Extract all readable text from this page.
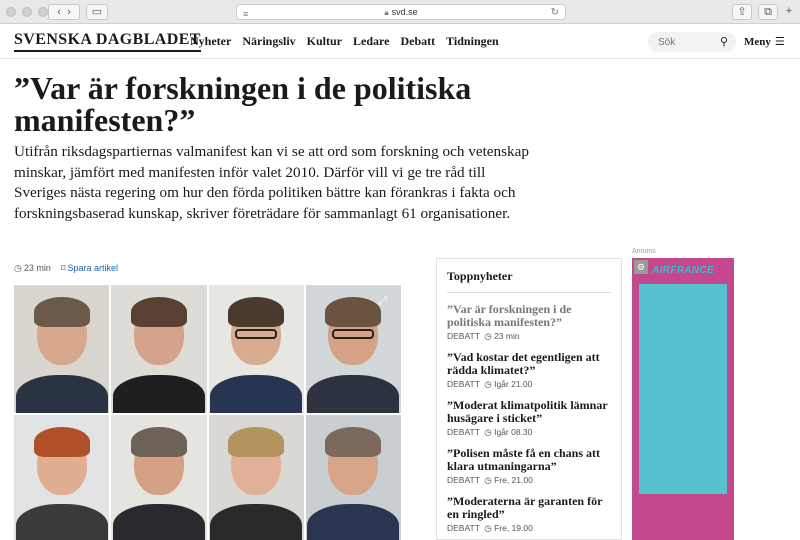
‹ ›	▭	≡	🔒︎ svd.se	↻	⇧	⧉	+
SVENSKA DAGBLADET
Nyheter Näringsliv Kultur Ledare Debatt Tidningen
Sök	⚲ Meny ☰
”Var är forskningen i de politiska manifesten?”

Utifrån riksdagspartiernas valmanifest kan vi se att ord som forskning och vetenskap minskar, jämfört med manifesten inför valet 2010. Därför vill vi ge tre råd till Sveriges nästa regering om hur den förda politiken bättre kan förankras i fakta och forskningsbaserad kunskap, skriver företrädare för sammanlagt 61 organisationer.

◷ 23 min ⌑ Spara artikel
⤢
Toppnyheter
”Var är forskningen i de politiska manifesten?”
DEBATT ◷ 23 min
”Vad kostar det egentligen att rädda klimatet?”
DEBATT ◷ Igår 21.00
”Moderat klimatpolitik lämnar husägare i sticket”
DEBATT ◷ Igår 08.30
”Polisen måste få en chans att klara utmaningarna”
DEBATT ◷ Fre, 21.00
”Moderaterna är garanten för en ringled”
DEBATT ◷ Fre, 19.00
Annons
⚙ AIRFRANCE
